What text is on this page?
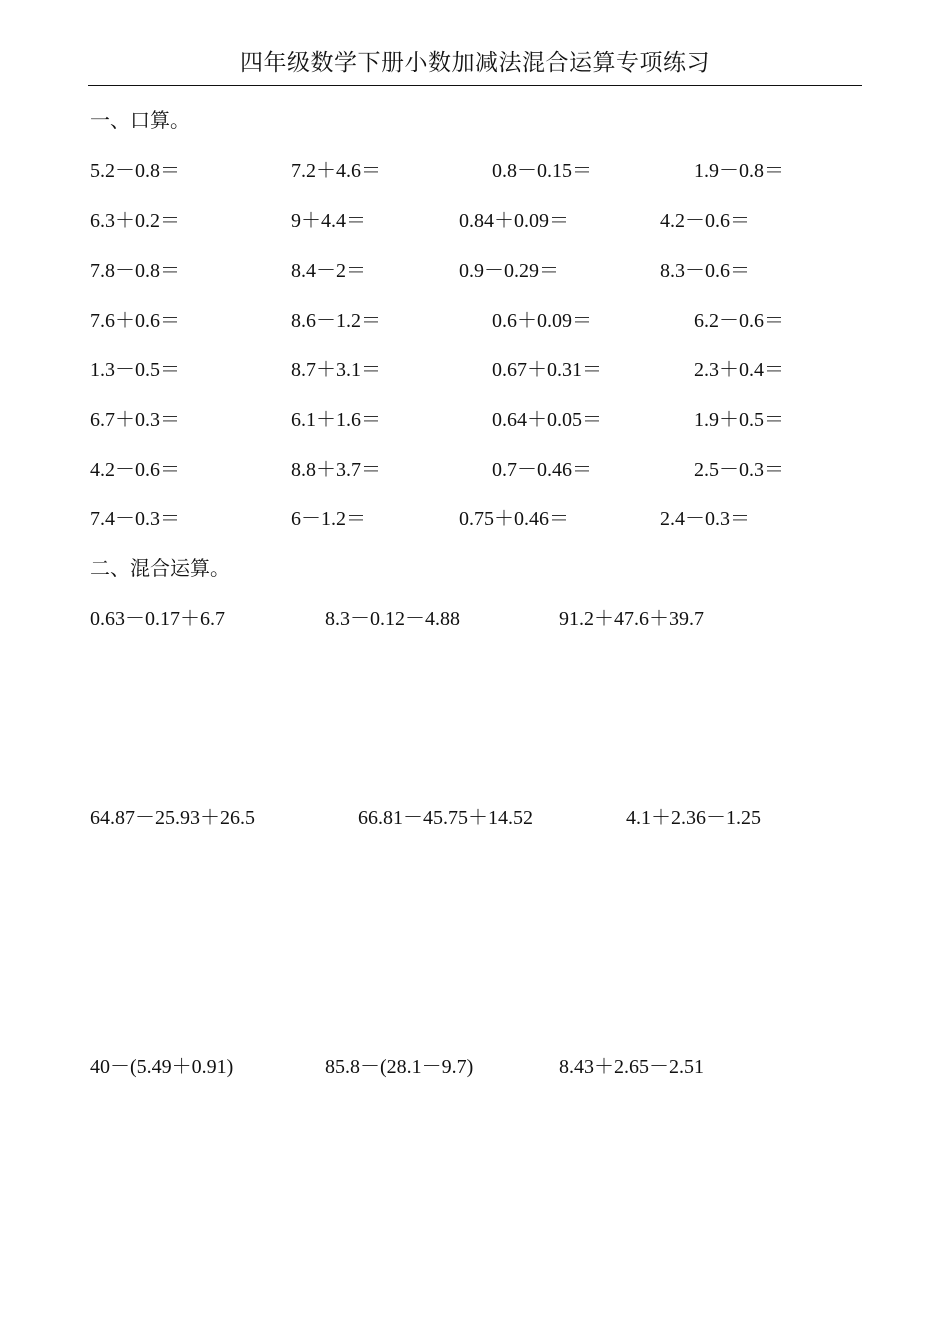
四年级数学下册小数加减法混合运算专项练习
一、口算。
5.2－0.8＝	7.2＋4.6＝	0.8－0.15＝	1.9－0.8＝
6.3＋0.2＝	9＋4.4＝	0.84＋0.09＝	4.2－0.6＝
7.8－0.8＝	8.4－2＝	0.9－0.29＝	8.3－0.6＝
7.6＋0.6＝	8.6－1.2＝	0.6＋0.09＝	6.2－0.6＝
1.3－0.5＝	8.7＋3.1＝	0.67＋0.31＝	2.3＋0.4＝
6.7＋0.3＝	6.1＋1.6＝	0.64＋0.05＝	1.9＋0.5＝
4.2－0.6＝	8.8＋3.7＝	0.7－0.46＝	2.5－0.3＝
7.4－0.3＝	6－1.2＝	0.75＋0.46＝	2.4－0.3＝
二、混合运算。
0.63－0.17＋6.7	8.3－0.12－4.88	91.2＋47.6＋39.7
64.87－25.93＋26.5	66.81－45.75＋14.52	4.1＋2.36－1.25
40－(5.49＋0.91)	85.8－(28.1－9.7)	8.43＋2.65－2.51
